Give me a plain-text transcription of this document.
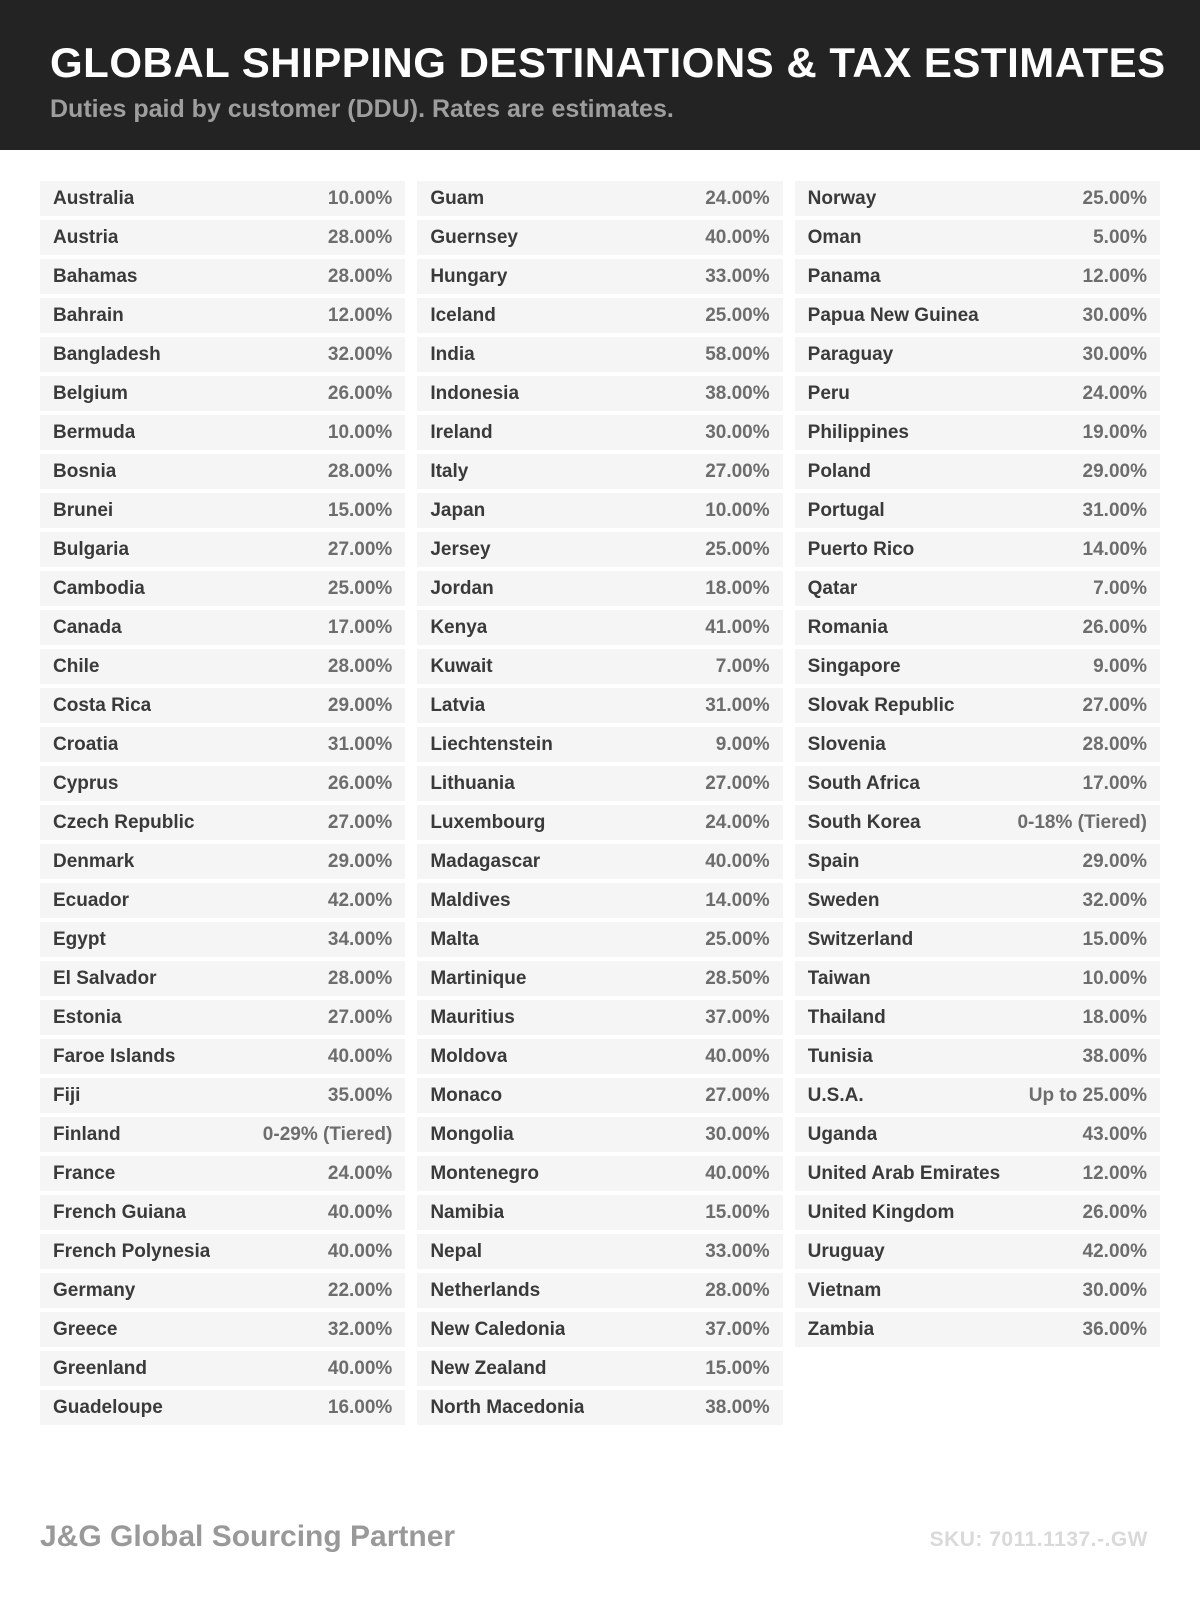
GLOBAL SHIPPING DESTINATIONS & TAX ESTIMATES
Duties paid by customer (DDU). Rates are estimates.
Australia	10.00%
Austria	28.00%
Bahamas	28.00%
Bahrain	12.00%
Bangladesh	32.00%
Belgium	26.00%
Bermuda	10.00%
Bosnia	28.00%
Brunei	15.00%
Bulgaria	27.00%
Cambodia	25.00%
Canada	17.00%
Chile	28.00%
Costa Rica	29.00%
Croatia	31.00%
Cyprus	26.00%
Czech Republic	27.00%
Denmark	29.00%
Ecuador	42.00%
Egypt	34.00%
El Salvador	28.00%
Estonia	27.00%
Faroe Islands	40.00%
Fiji	35.00%
Finland	0-29% (Tiered)
France	24.00%
French Guiana	40.00%
French Polynesia	40.00%
Germany	22.00%
Greece	32.00%
Greenland	40.00%
Guadeloupe	16.00%
Guam	24.00%
Guernsey	40.00%
Hungary	33.00%
Iceland	25.00%
India	58.00%
Indonesia	38.00%
Ireland	30.00%
Italy	27.00%
Japan	10.00%
Jersey	25.00%
Jordan	18.00%
Kenya	41.00%
Kuwait	7.00%
Latvia	31.00%
Liechtenstein	9.00%
Lithuania	27.00%
Luxembourg	24.00%
Madagascar	40.00%
Maldives	14.00%
Malta	25.00%
Martinique	28.50%
Mauritius	37.00%
Moldova	40.00%
Monaco	27.00%
Mongolia	30.00%
Montenegro	40.00%
Namibia	15.00%
Nepal	33.00%
Netherlands	28.00%
New Caledonia	37.00%
New Zealand	15.00%
North Macedonia	38.00%
Norway	25.00%
Oman	5.00%
Panama	12.00%
Papua New Guinea	30.00%
Paraguay	30.00%
Peru	24.00%
Philippines	19.00%
Poland	29.00%
Portugal	31.00%
Puerto Rico	14.00%
Qatar	7.00%
Romania	26.00%
Singapore	9.00%
Slovak Republic	27.00%
Slovenia	28.00%
South Africa	17.00%
South Korea	0-18% (Tiered)
Spain	29.00%
Sweden	32.00%
Switzerland	15.00%
Taiwan	10.00%
Thailand	18.00%
Tunisia	38.00%
U.S.A.	Up to 25.00%
Uganda	43.00%
United Arab Emirates	12.00%
United Kingdom	26.00%
Uruguay	42.00%
Vietnam	30.00%
Zambia	36.00%
J&G Global Sourcing Partner	SKU: 7011.1137.-.GW
